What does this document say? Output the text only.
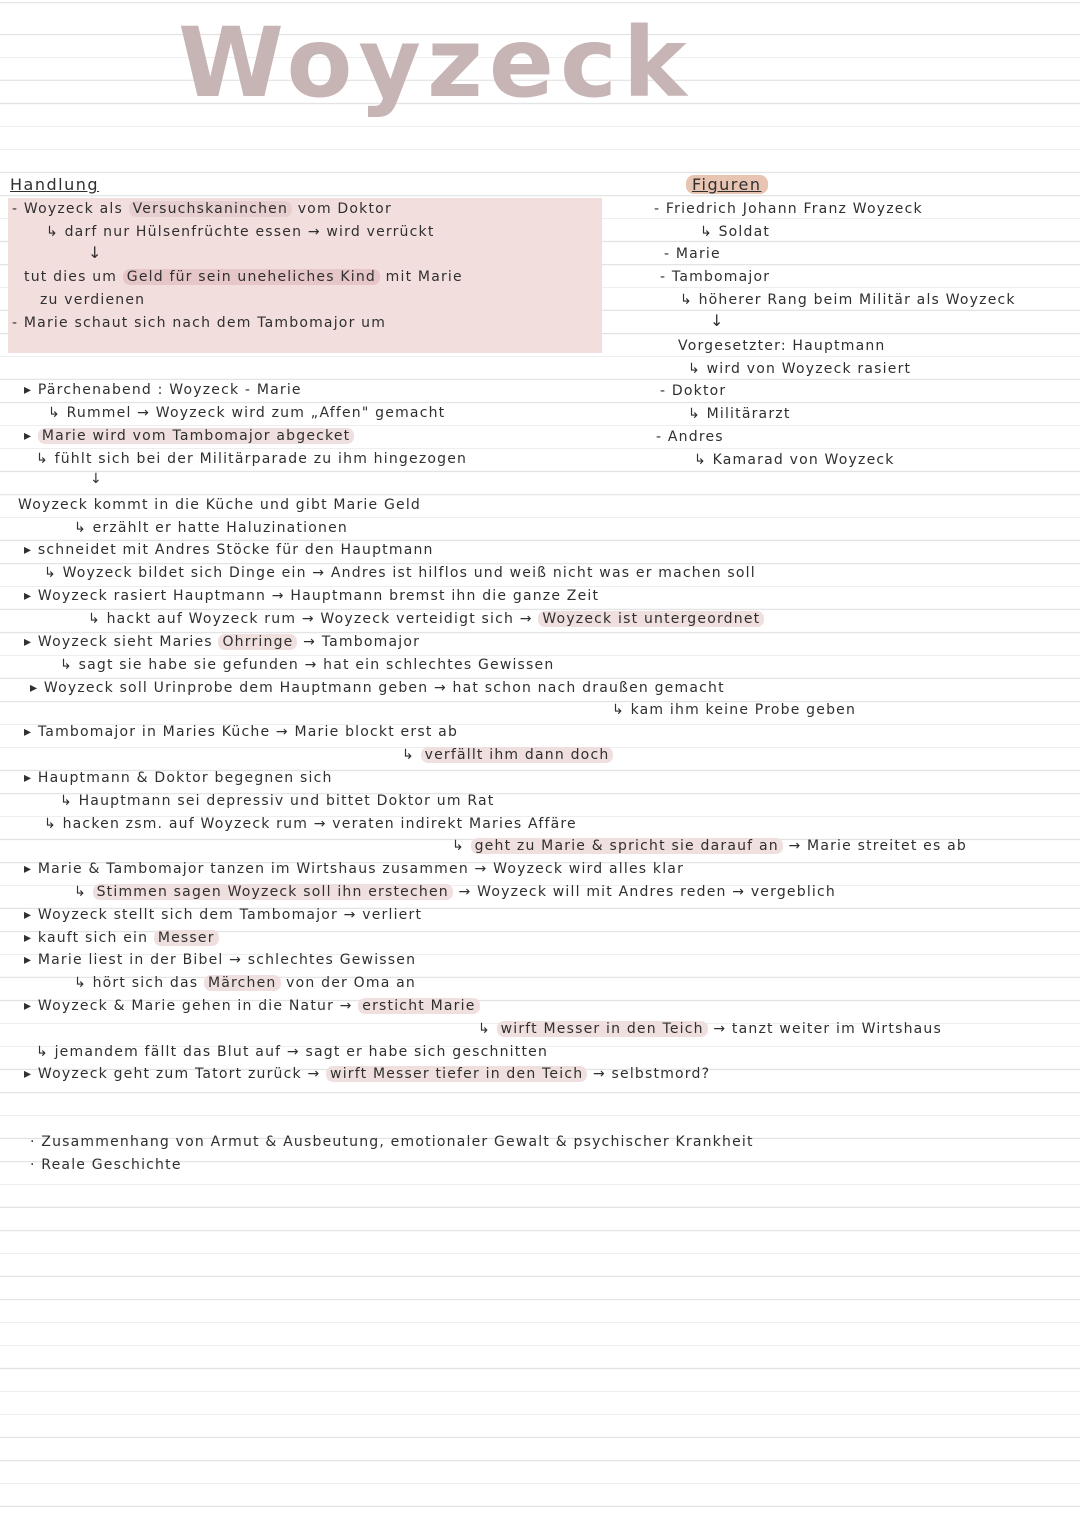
Woyzeck
Handlung
- Woyzeck als Versuchskaninchen vom Doktor
↳ darf nur Hülsenfrüchte essen → wird verrückt
↓
tut dies um Geld für sein uneheliches Kind mit Marie
zu verdienen
- Marie schaut sich nach dem Tambomajor um
Figuren
- Friedrich Johann Franz Woyzeck
↳ Soldat
- Marie
- Tambomajor
↳ höherer Rang beim Militär als Woyzeck
↓
Vorgesetzter: Hauptmann
↳ wird von Woyzeck rasiert
- Doktor
↳ Militärarzt
- Andres
↳ Kamarad von Woyzeck
▸ Pärchenabend : Woyzeck - Marie
↳ Rummel → Woyzeck wird zum „Affen" gemacht
▸ Marie wird vom Tambomajor abgecket
↳ fühlt sich bei der Militärparade zu ihm hingezogen
↓
Woyzeck kommt in die Küche und gibt Marie Geld
↳ erzählt er hatte Haluzinationen
▸ schneidet mit Andres Stöcke für den Hauptmann
↳ Woyzeck bildet sich Dinge ein → Andres ist hilflos und weiß nicht was er machen soll
▸ Woyzeck rasiert Hauptmann → Hauptmann bremst ihn die ganze Zeit
↳ hackt auf Woyzeck rum → Woyzeck verteidigt sich → Woyzeck ist untergeordnet
▸ Woyzeck sieht Maries Ohrringe → Tambomajor
↳ sagt sie habe sie gefunden → hat ein schlechtes Gewissen
▸ Woyzeck soll Urinprobe dem Hauptmann geben → hat schon nach draußen gemacht
↳ kam ihm keine Probe geben
▸ Tambomajor in Maries Küche → Marie blockt erst ab
↳ verfällt ihm dann doch
▸ Hauptmann & Doktor begegnen sich
↳ Hauptmann sei depressiv und bittet Doktor um Rat
↳ hacken zsm. auf Woyzeck rum → veraten indirekt Maries Affäre
↳ geht zu Marie & spricht sie darauf an → Marie streitet es ab
▸ Marie & Tambomajor tanzen im Wirtshaus zusammen → Woyzeck wird alles klar
↳ Stimmen sagen Woyzeck soll ihn erstechen → Woyzeck will mit Andres reden → vergeblich
▸ Woyzeck stellt sich dem Tambomajor → verliert
▸ kauft sich ein Messer
▸ Marie liest in der Bibel → schlechtes Gewissen
↳ hört sich das Märchen von der Oma an
▸ Woyzeck & Marie gehen in die Natur → ersticht Marie
↳ wirft Messer in den Teich → tanzt weiter im Wirtshaus
↳ jemandem fällt das Blut auf → sagt er habe sich geschnitten
▸ Woyzeck geht zum Tatort zurück → wirft Messer tiefer in den Teich → selbstmord?
· Zusammenhang von Armut & Ausbeutung, emotionaler Gewalt & psychischer Krankheit
· Reale Geschichte
